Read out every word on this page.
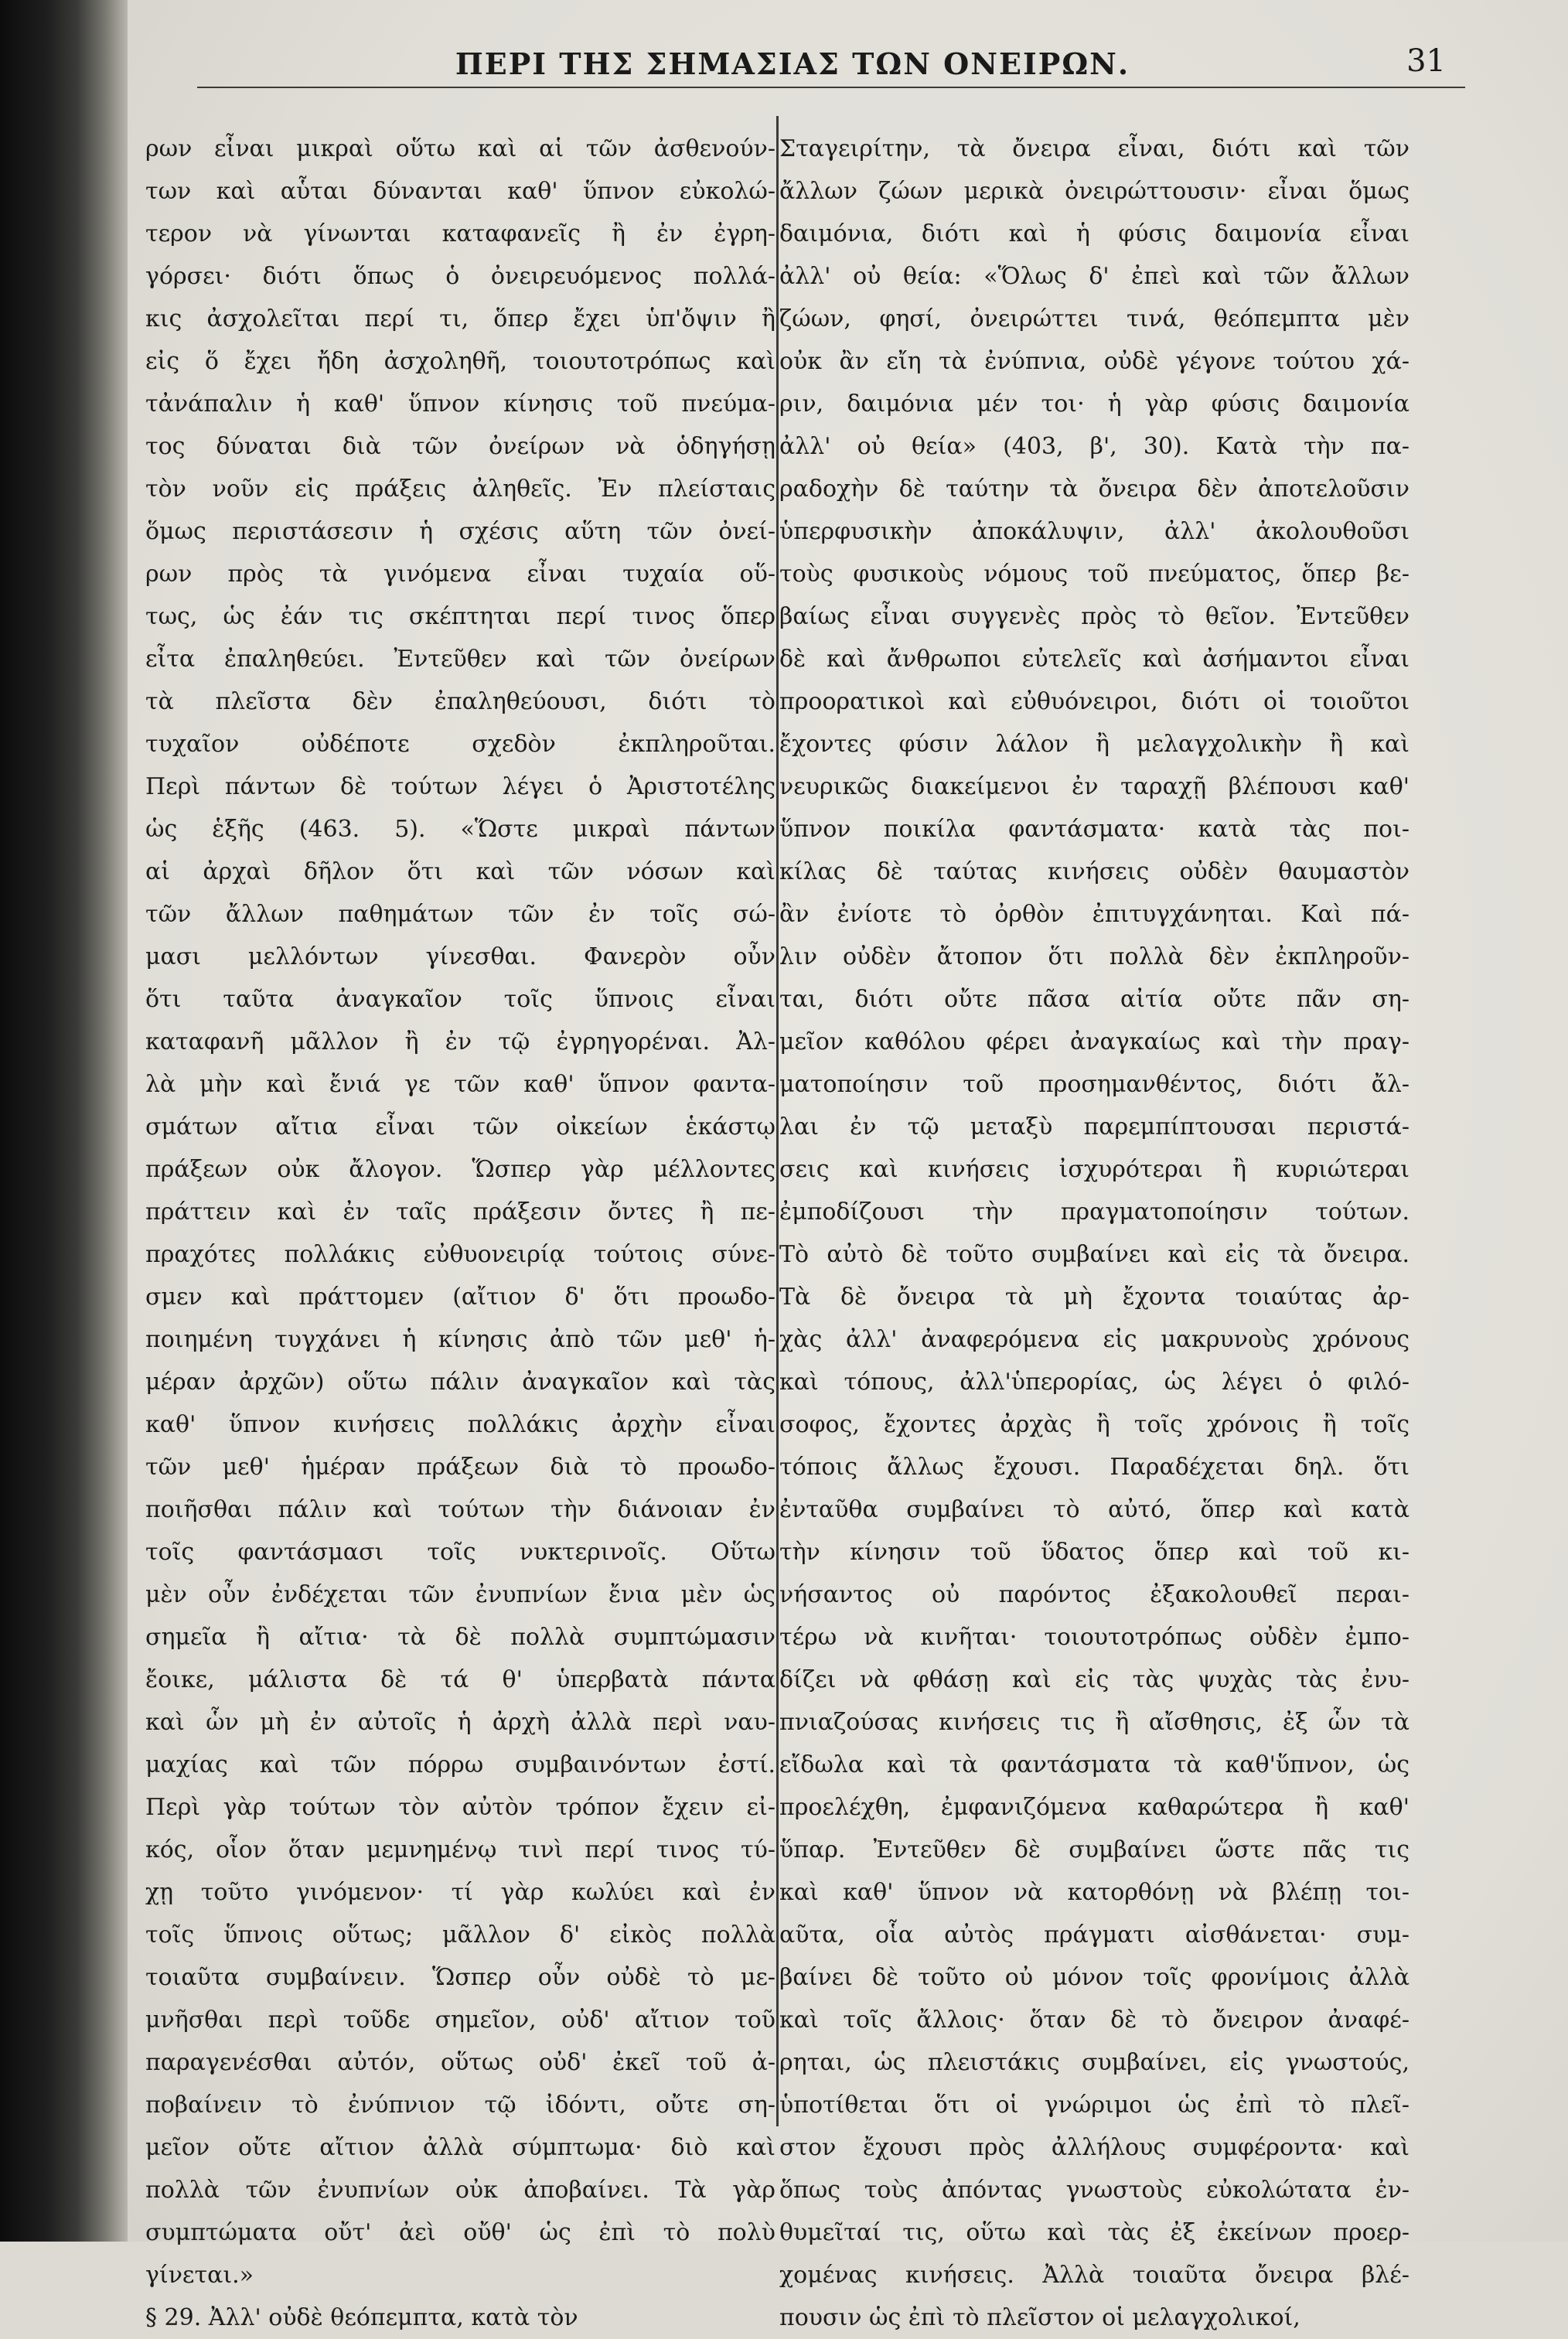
ΠΕΡΙ ΤΗΣ ΣΗΜΑΣΙΑΣ ΤΩΝ ΟΝΕΙΡΩΝ.	31
ρων εἶναι μικραὶ οὕτω καὶ αἱ τῶν ἀσθενούν-
των καὶ αὗται δύνανται καθ' ὕπνον εὐκολώ-
τερον νὰ γίνωνται καταφανεῖς ἢ ἐν ἐγρη-
γόρσει· διότι ὅπως ὁ ὀνειρευόμενος πολλά-
κις ἀσχολεῖται περί τι, ὅπερ ἔχει ὑπ'ὄψιν ἢ
εἰς ὅ ἔχει ἤδη ἀσχοληθῆ, τοιουτοτρόπως καὶ
τἀνάπαλιν ἡ καθ' ὕπνον κίνησις τοῦ πνεύμα-
τος δύναται διὰ τῶν ὀνείρων νὰ ὁδηγήσῃ
τὸν νοῦν εἰς πράξεις ἀληθεῖς. Ἐν πλείσταις
ὅμως περιστάσεσιν ἡ σχέσις αὕτη τῶν ὀνεί-
ρων πρὸς τὰ γινόμενα εἶναι τυχαία οὕ-
τως, ὡς ἐάν τις σκέπτηται περί τινος ὅπερ
εἶτα ἐπαληθεύει. Ἐντεῦθεν καὶ τῶν ὀνείρων
τὰ πλεῖστα δὲν ἐπαληθεύουσι, διότι τὸ
τυχαῖον οὐδέποτε σχεδὸν ἐκπληροῦται.
Περὶ πάντων δὲ τούτων λέγει ὁ Ἀριστοτέλης
ὡς ἑξῆς (463. 5). «Ὥστε μικραὶ πάντων
αἱ ἀρχαὶ δῆλον ὅτι καὶ τῶν νόσων καὶ
τῶν ἄλλων παθημάτων τῶν ἐν τοῖς σώ-
μασι μελλόντων γίνεσθαι. Φανερὸν οὖν
ὅτι ταῦτα ἀναγκαῖον τοῖς ὕπνοις εἶναι
καταφανῆ μᾶλλον ἢ ἐν τῷ ἐγρηγορέναι. Ἀλ-
λὰ μὴν καὶ ἔνιά γε τῶν καθ' ὕπνον φαντα-
σμάτων αἴτια εἶναι τῶν οἰκείων ἑκάστῳ
πράξεων οὐκ ἄλογον. Ὥσπερ γὰρ μέλλοντες
πράττειν καὶ ἐν ταῖς πράξεσιν ὄντες ἢ πε-
πραχότες πολλάκις εὐθυονειρίᾳ τούτοις σύνε-
σμεν καὶ πράττομεν (αἴτιον δ' ὅτι προωδο-
ποιημένη τυγχάνει ἡ κίνησις ἀπὸ τῶν μεθ' ἡ-
μέραν ἀρχῶν) οὕτω πάλιν ἀναγκαῖον καὶ τὰς
καθ' ὕπνον κινήσεις πολλάκις ἀρχὴν εἶναι
τῶν μεθ' ἡμέραν πράξεων διὰ τὸ προωδο-
ποιῆσθαι πάλιν καὶ τούτων τὴν διάνοιαν ἐν
τοῖς φαντάσμασι τοῖς νυκτερινοῖς. Οὕτω
μὲν οὖν ἐνδέχεται τῶν ἐνυπνίων ἔνια μὲν ὡς
σημεῖα ἢ αἴτια· τὰ δὲ πολλὰ συμπτώμασιν
ἔοικε, μάλιστα δὲ τά θ' ὑπερβατὰ πάντα
καὶ ὧν μὴ ἐν αὐτοῖς ἡ ἀρχὴ ἀλλὰ περὶ ναυ-
μαχίας καὶ τῶν πόρρω συμβαινόντων ἐστί.
Περὶ γὰρ τούτων τὸν αὐτὸν τρόπον ἔχειν εἰ-
κός, οἷον ὅταν μεμνημένῳ τινὶ περί τινος τύ-
χῃ τοῦτο γινόμενον· τί γὰρ κωλύει καὶ ἐν
τοῖς ὕπνοις οὕτως; μᾶλλον δ' εἰκὸς πολλὰ
τοιαῦτα συμβαίνειν. Ὥσπερ οὖν οὐδὲ τὸ με-
μνῆσθαι περὶ τοῦδε σημεῖον, οὐδ' αἴτιον τοῦ
παραγενέσθαι αὐτόν, οὕτως οὐδ' ἐκεῖ τοῦ ἀ-
ποβαίνειν τὸ ἐνύπνιον τῷ ἰδόντι, οὔτε ση-
μεῖον οὔτε αἴτιον ἀλλὰ σύμπτωμα· διὸ καὶ
πολλὰ τῶν ἐνυπνίων οὐκ ἀποβαίνει. Τὰ γὰρ
συμπτώματα οὔτ' ἀεὶ οὔθ' ὡς ἐπὶ τὸ πολὺ
γίνεται.»
§ 29. Ἀλλ' οὐδὲ θεόπεμπτα, κατὰ τὸν
Σταγειρίτην, τὰ ὄνειρα εἶναι, διότι καὶ τῶν
ἄλλων ζώων μερικὰ ὀνειρώττουσιν· εἶναι ὅμως
δαιμόνια, διότι καὶ ἡ φύσις δαιμονία εἶναι
ἀλλ' οὐ θεία: «Ὅλως δ' ἐπεὶ καὶ τῶν ἄλλων
ζώων, φησί, ὀνειρώττει τινά, θεόπεμπτα μὲν
οὐκ ἂν εἴη τὰ ἐνύπνια, οὐδὲ γέγονε τούτου χά-
ριν, δαιμόνια μέν τοι· ἡ γὰρ φύσις δαιμονία
ἀλλ' οὐ θεία» (403, β', 30). Κατὰ τὴν πα-
ραδοχὴν δὲ ταύτην τὰ ὄνειρα δὲν ἀποτελοῦσιν
ὑπερφυσικὴν ἀποκάλυψιν, ἀλλ' ἀκολουθοῦσι
τοὺς φυσικοὺς νόμους τοῦ πνεύματος, ὅπερ βε-
βαίως εἶναι συγγενὲς πρὸς τὸ θεῖον. Ἐντεῦθεν
δὲ καὶ ἄνθρωποι εὐτελεῖς καὶ ἀσήμαντοι εἶναι
προορατικοὶ καὶ εὐθυόνειροι, διότι οἱ τοιοῦτοι
ἔχοντες φύσιν λάλον ἢ μελαγχολικὴν ἢ καὶ
νευρικῶς διακείμενοι ἐν ταραχῇ βλέπουσι καθ'
ὕπνον ποικίλα φαντάσματα· κατὰ τὰς ποι-
κίλας δὲ ταύτας κινήσεις οὐδὲν θαυμαστὸν
ἂν ἐνίοτε τὸ ὀρθὸν ἐπιτυγχάνηται. Καὶ πά-
λιν οὐδὲν ἄτοπον ὅτι πολλὰ δὲν ἐκπληροῦν-
ται, διότι οὔτε πᾶσα αἰτία οὔτε πᾶν ση-
μεῖον καθόλου φέρει ἀναγκαίως καὶ τὴν πραγ-
ματοποίησιν τοῦ προσημανθέντος, διότι ἄλ-
λαι ἐν τῷ μεταξὺ παρεμπίπτουσαι περιστά-
σεις καὶ κινήσεις ἰσχυρότεραι ἢ κυριώτεραι
ἐμποδίζουσι τὴν πραγματοποίησιν τούτων.
Τὸ αὐτὸ δὲ τοῦτο συμβαίνει καὶ εἰς τὰ ὄνειρα.
Τὰ δὲ ὄνειρα τὰ μὴ ἔχοντα τοιαύτας ἀρ-
χὰς ἀλλ' ἀναφερόμενα εἰς μακρυνοὺς χρόνους
καὶ τόπους, ἀλλ'ὑπερορίας, ὡς λέγει ὁ φιλό-
σοφος, ἔχοντες ἀρχὰς ἢ τοῖς χρόνοις ἢ τοῖς
τόποις ἄλλως ἔχουσι. Παραδέχεται δηλ. ὅτι
ἐνταῦθα συμβαίνει τὸ αὐτό, ὅπερ καὶ κατὰ
τὴν κίνησιν τοῦ ὕδατος ὅπερ καὶ τοῦ κι-
νήσαντος οὐ παρόντος ἐξακολουθεῖ περαι-
τέρω νὰ κινῆται· τοιουτοτρόπως οὐδὲν ἐμπο-
δίζει νὰ φθάσῃ καὶ εἰς τὰς ψυχὰς τὰς ἐνυ-
πνιαζούσας κινήσεις τις ἢ αἴσθησις, ἐξ ὧν τὰ
εἴδωλα καὶ τὰ φαντάσματα τὰ καθ'ὕπνον, ὡς
προελέχθη, ἐμφανιζόμενα καθαρώτερα ἢ καθ'
ὕπαρ. Ἐντεῦθεν δὲ συμβαίνει ὥστε πᾶς τις
καὶ καθ' ὕπνον νὰ κατορθόνῃ νὰ βλέπῃ τοι-
αῦτα, οἷα αὐτὸς πράγματι αἰσθάνεται· συμ-
βαίνει δὲ τοῦτο οὐ μόνον τοῖς φρονίμοις ἀλλὰ
καὶ τοῖς ἄλλοις· ὅταν δὲ τὸ ὄνειρον ἀναφέ-
ρηται, ὡς πλειστάκις συμβαίνει, εἰς γνωστούς,
ὑποτίθεται ὅτι οἱ γνώριμοι ὡς ἐπὶ τὸ πλεῖ-
στον ἔχουσι πρὸς ἀλλήλους συμφέροντα· καὶ
ὅπως τοὺς ἀπόντας γνωστοὺς εὐκολώτατα ἐν-
θυμεῖταί τις, οὕτω καὶ τὰς ἐξ ἐκείνων προερ-
χομένας κινήσεις. Ἀλλὰ τοιαῦτα ὄνειρα βλέ-
πουσιν ὡς ἐπὶ τὸ πλεῖστον οἱ μελαγχολικοί,
